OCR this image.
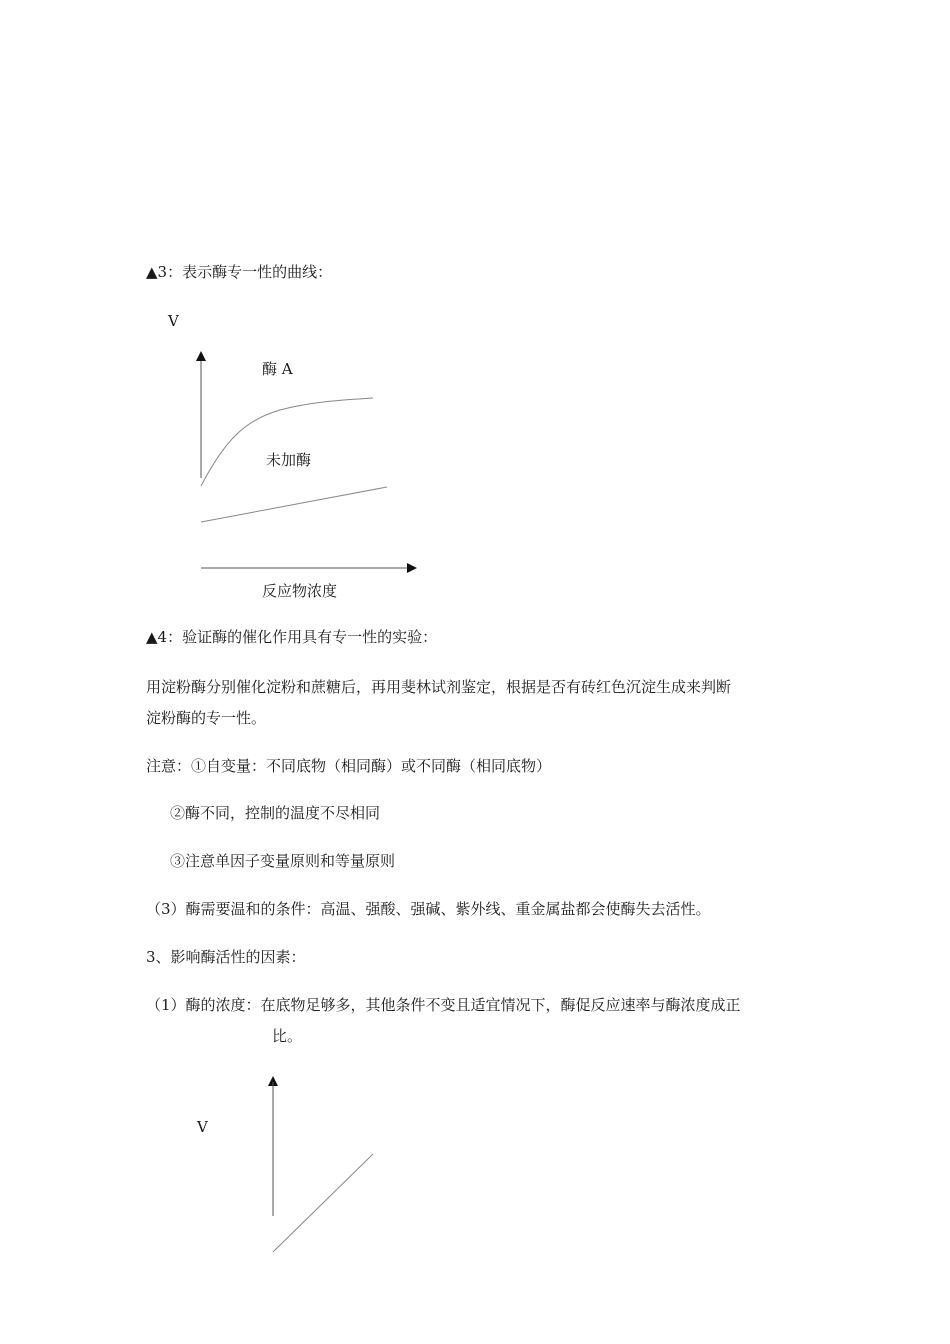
▲3：表示酶专一性的曲线：
V
酶 A
未加酶
反应物浓度
▲4：验证酶的催化作用具有专一性的实验：
用淀粉酶分别催化淀粉和蔗糖后，再用斐林试剂鉴定，根据是否有砖红色沉淀生成来判断
淀粉酶的专一性。
注意：①自变量：不同底物（相同酶）或不同酶（相同底物）
②酶不同，控制的温度不尽相同
③注意单因子变量原则和等量原则
（3）酶需要温和的条件：高温、强酸、强碱、紫外线、重金属盐都会使酶失去活性。
3、影响酶活性的因素：
（1）酶的浓度：在底物足够多，其他条件不变且适宜情况下，酶促反应速率与酶浓度成正
比。
V
